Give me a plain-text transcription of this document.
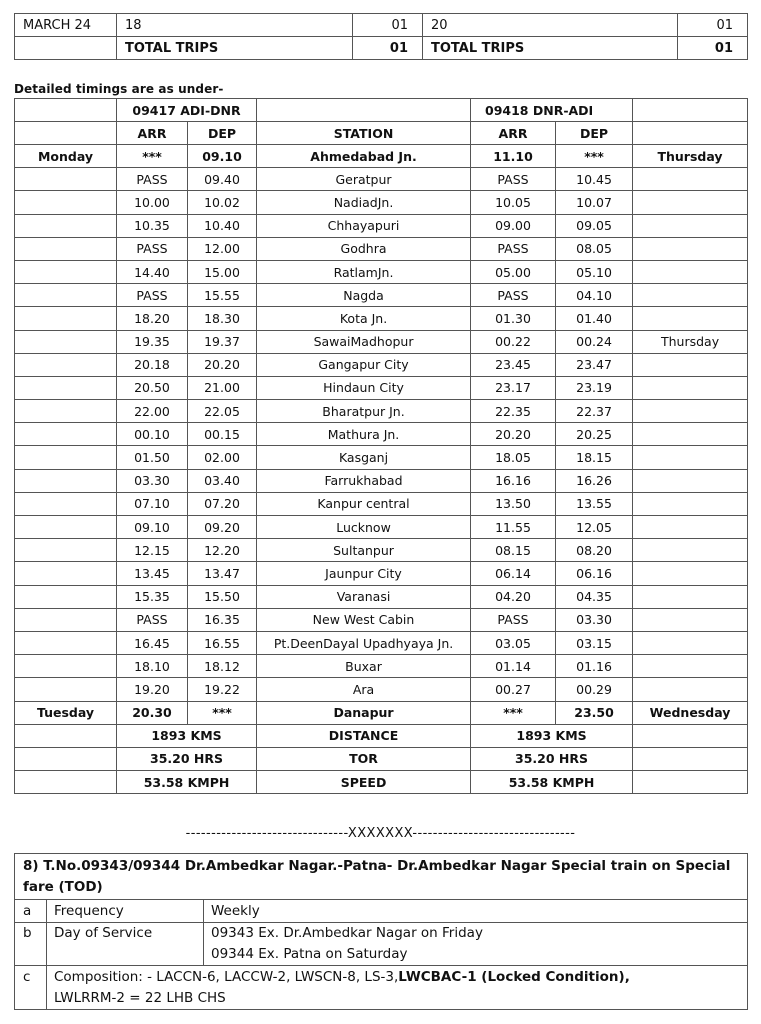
MARCH 24	18	01	20	01
	TOTAL TRIPS	01	TOTAL TRIPS	01
Detailed timings are as under-
	09417 ADI-DNR			09418 DNR-ADI		
	ARR	DEP	STATION	ARR	DEP	
Monday	***	09.10	Ahmedabad Jn.	11.10	***	Thursday
	PASS	09.40	Geratpur	PASS	10.45	
	10.00	10.02	NadiadJn.	10.05	10.07	
	10.35	10.40	Chhayapuri	09.00	09.05	
	PASS	12.00	Godhra	PASS	08.05	
	14.40	15.00	RatlamJn.	05.00	05.10	
	PASS	15.55	Nagda	PASS	04.10	
	18.20	18.30	Kota Jn.	01.30	01.40	
	19.35	19.37	SawaiMadhopur	00.22	00.24	Thursday
	20.18	20.20	Gangapur City	23.45	23.47	
	20.50	21.00	Hindaun City	23.17	23.19	
	22.00	22.05	Bharatpur Jn.	22.35	22.37	
	00.10	00.15	Mathura Jn.	20.20	20.25	
	01.50	02.00	Kasganj	18.05	18.15	
	03.30	03.40	Farrukhabad	16.16	16.26	
	07.10	07.20	Kanpur central	13.50	13.55	
	09.10	09.20	Lucknow	11.55	12.05	
	12.15	12.20	Sultanpur	08.15	08.20	
	13.45	13.47	Jaunpur City	06.14	06.16	
	15.35	15.50	Varanasi	04.20	04.35	
	PASS	16.35	New West Cabin	PASS	03.30	
	16.45	16.55	Pt.DeenDayal Upadhyaya Jn.	03.05	03.15	
	18.10	18.12	Buxar	01.14	01.16	
	19.20	19.22	Ara	00.27	00.29	
Tuesday	20.30	***	Danapur	***	23.50	Wednesday
	1893 KMS		DISTANCE	1893 KMS		
	35.20 HRS		TOR	35.20 HRS		
	53.58 KMPH		SPEED	53.58 KMPH		
--------------------------------XXXXXXX--------------------------------
8) T.No.09343/09344 Dr.Ambedkar Nagar.-Patna- Dr.Ambedkar Nagar Special train on Special fare (TOD)		
a	Frequency	Weekly
b	Day of Service	09343 Ex. Dr.Ambedkar Nagar on Friday
09344 Ex. Patna on Saturday

c	Composition: - LACCN-6, LACCW-2, LWSCN-8, LS-3,LWCBAC-1 (Locked Condition),
LWLRRM-2 = 22 LHB CHS	
